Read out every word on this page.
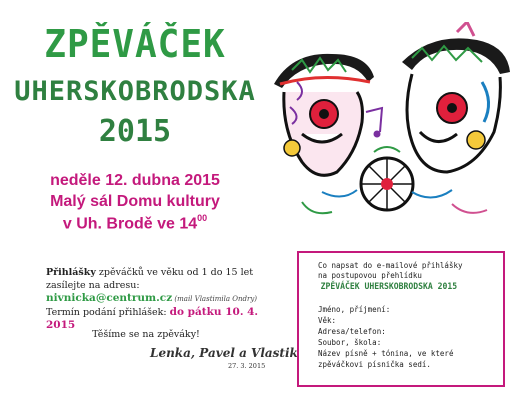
ZPĚVÁČEK
UHERSKOBRODSKA
2015

neděle 12. dubna 2015

Malý sál Domu kultury

v Uh. Brodě ve $14^{00}$

Přihlášky zpěváčků ve věku od 1 do 15 let zasílejte na adresu:
nivnicka@centrum.cz (mail Vlastimila Ondry)
Termín podání přihlášek: do pátku 10. 4. 2015
Těšíme se na zpěváky!
Lenka, Pavel a Vlastik
27. 3. 2015
Co napsat do e-mailové přihlášky
na postupovou přehlídku
ZPĚVÁČEK UHERSKOBRODSKA 2015
Jméno, příjmení:
Věk:
Adresa/telefon:
Soubor, škola:
Název písně + tónina, ve které
zpěváčkovi písnička sedí.
